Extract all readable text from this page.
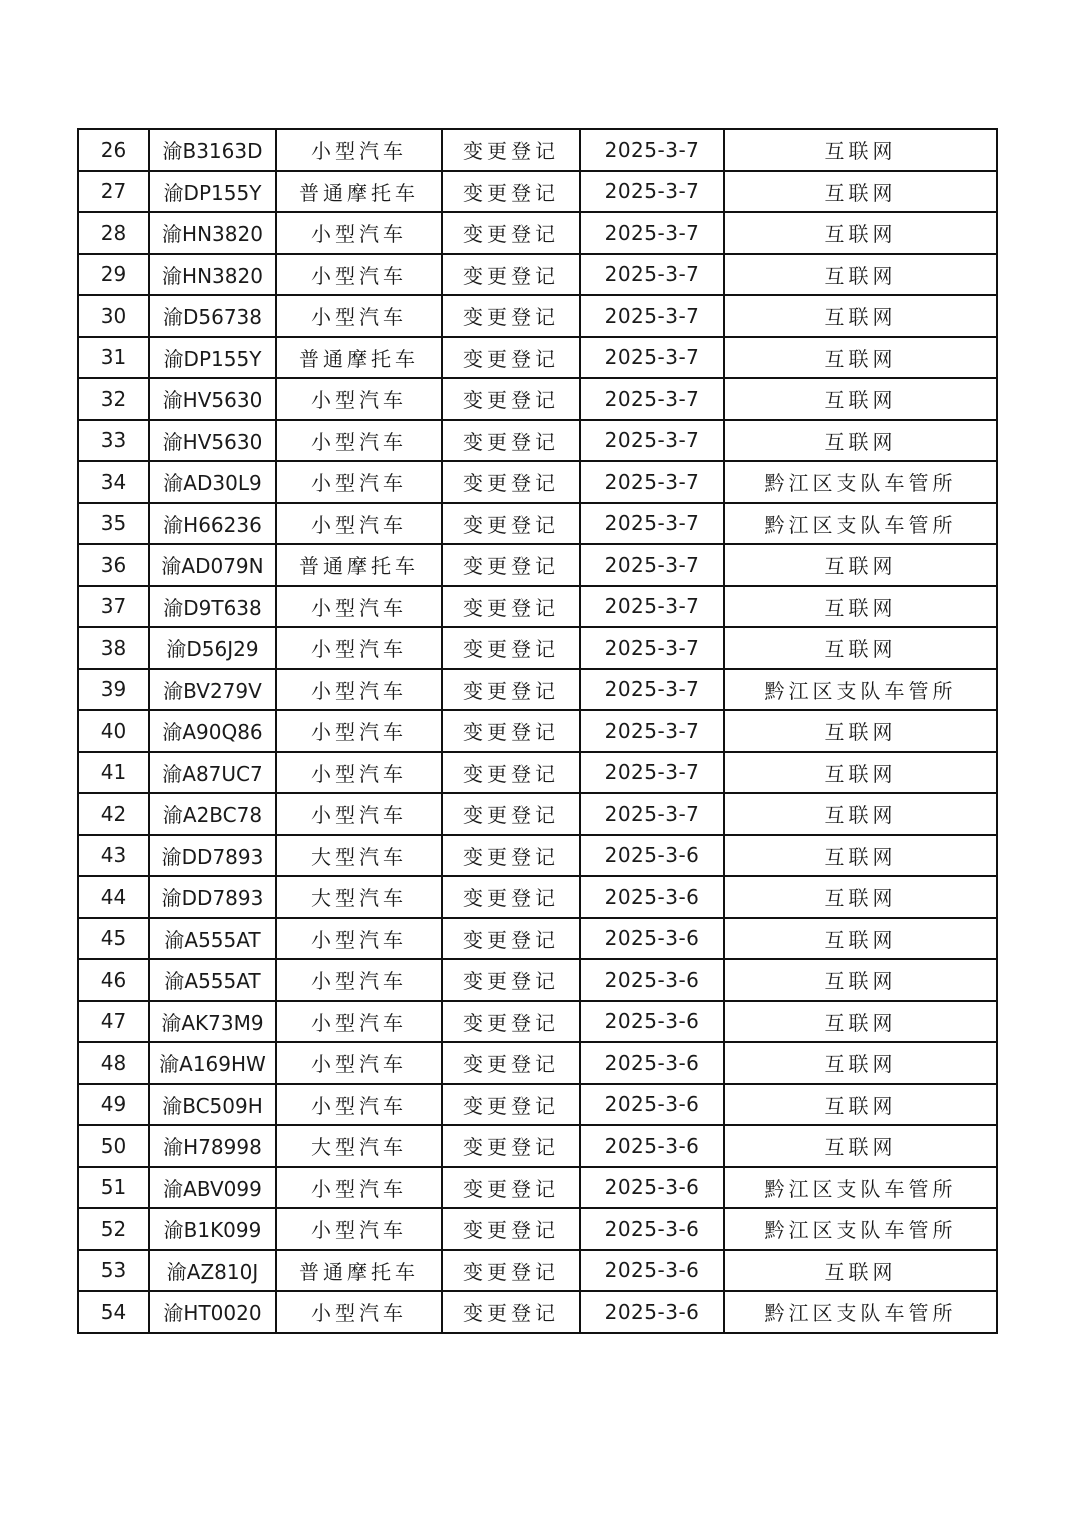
26	渝B3163D	小型汽车	变更登记	2025-3-7	互联网
27	渝DP155Y	普通摩托车	变更登记	2025-3-7	互联网
28	渝HN3820	小型汽车	变更登记	2025-3-7	互联网
29	渝HN3820	小型汽车	变更登记	2025-3-7	互联网
30	渝D56738	小型汽车	变更登记	2025-3-7	互联网
31	渝DP155Y	普通摩托车	变更登记	2025-3-7	互联网
32	渝HV5630	小型汽车	变更登记	2025-3-7	互联网
33	渝HV5630	小型汽车	变更登记	2025-3-7	互联网
34	渝AD30L9	小型汽车	变更登记	2025-3-7	黔江区支队车管所
35	渝H66236	小型汽车	变更登记	2025-3-7	黔江区支队车管所
36	渝AD079N	普通摩托车	变更登记	2025-3-7	互联网
37	渝D9T638	小型汽车	变更登记	2025-3-7	互联网
38	渝D56J29	小型汽车	变更登记	2025-3-7	互联网
39	渝BV279V	小型汽车	变更登记	2025-3-7	黔江区支队车管所
40	渝A90Q86	小型汽车	变更登记	2025-3-7	互联网
41	渝A87UC7	小型汽车	变更登记	2025-3-7	互联网
42	渝A2BC78	小型汽车	变更登记	2025-3-7	互联网
43	渝DD7893	大型汽车	变更登记	2025-3-6	互联网
44	渝DD7893	大型汽车	变更登记	2025-3-6	互联网
45	渝A555AT	小型汽车	变更登记	2025-3-6	互联网
46	渝A555AT	小型汽车	变更登记	2025-3-6	互联网
47	渝AK73M9	小型汽车	变更登记	2025-3-6	互联网
48	渝A169HW	小型汽车	变更登记	2025-3-6	互联网
49	渝BC509H	小型汽车	变更登记	2025-3-6	互联网
50	渝H78998	大型汽车	变更登记	2025-3-6	互联网
51	渝ABV099	小型汽车	变更登记	2025-3-6	黔江区支队车管所
52	渝B1K099	小型汽车	变更登记	2025-3-6	黔江区支队车管所
53	渝AZ810J	普通摩托车	变更登记	2025-3-6	互联网
54	渝HT0020	小型汽车	变更登记	2025-3-6	黔江区支队车管所
